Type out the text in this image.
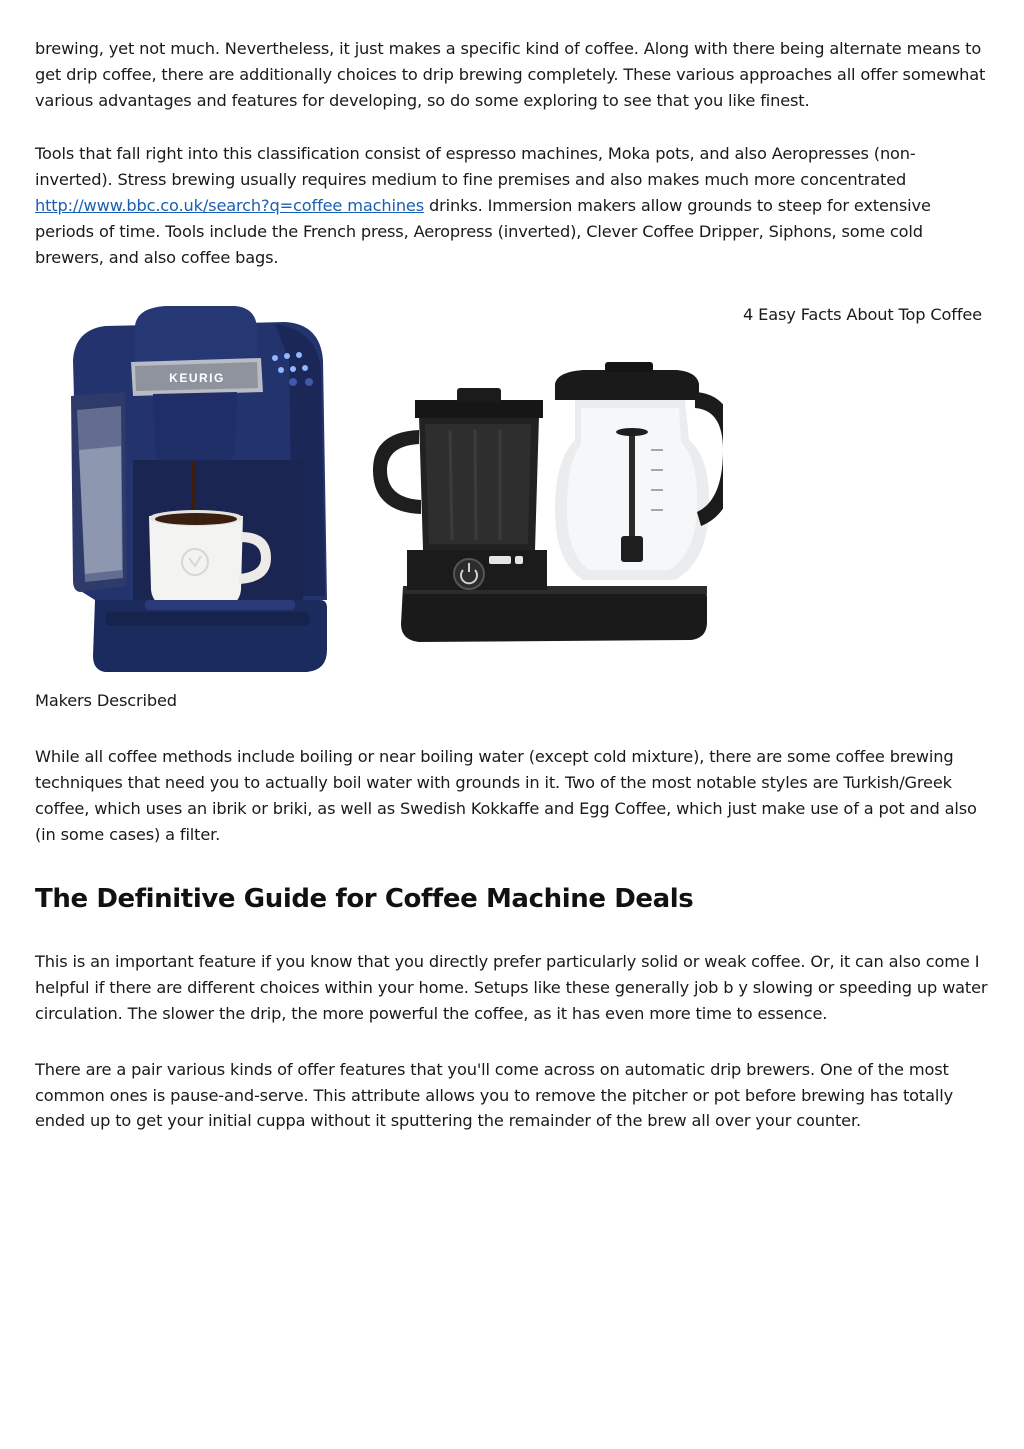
brewing, yet not much. Nevertheless, it just makes a specific kind of coffee. Along with there being alternate means to get drip coffee, there are additionally choices to drip brewing completely. These various approaches all offer somewhat various advantages and features for developing, so do some exploring to see that you like finest.

Tools that fall right into this classification consist of espresso machines, Moka pots, and also Aeropresses (non-inverted). Stress brewing usually requires medium to fine premises and also makes much more concentrated http://www.bbc.co.uk/search?q=coffee machines drinks. Immersion makers allow grounds to steep for extensive periods of time. Tools include the French press, Aeropress (inverted), Clever Coffee Dripper, Siphons, some cold brewers, and also coffee bags.

KEURIG
4 Easy Facts About Top Coffee

Makers Described

While all coffee methods include boiling or near boiling water (except cold mixture), there are some coffee brewing techniques that need you to actually boil water with grounds in it. Two of the most notable styles are Turkish/Greek coffee, which uses an ibrik or briki, as well as Swedish Kokkaffe and Egg Coffee, which just make use of a pot and also (in some cases) a filter.

The Definitive Guide for Coffee Machine Deals

This is an important feature if you know that you directly prefer particularly solid or weak coffee. Or, it can also come I helpful if there are different choices within your home. Setups like these generally job b y slowing or speeding up water circulation. The slower the drip, the more powerful the coffee, as it has even more time to essence.

There are a pair various kinds of offer features that you'll come across on automatic drip brewers. One of the most common ones is pause-and-serve. This attribute allows you to remove the pitcher or pot before brewing has totally ended up to get your initial cuppa without it sputtering the remainder of the brew all over your counter.
